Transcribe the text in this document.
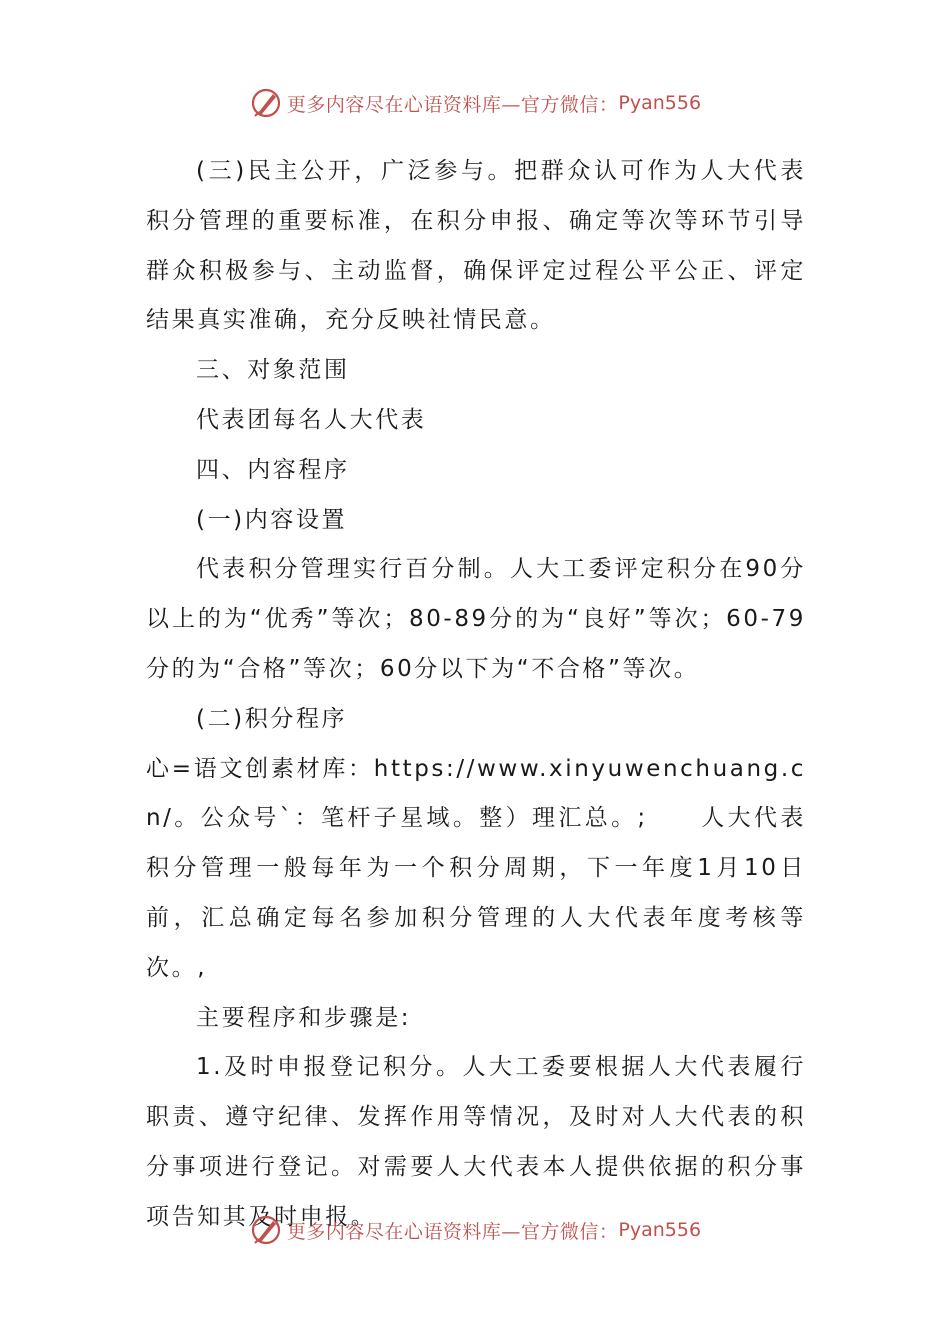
更多内容尽在心语资料库—官方微信： Pyan556

(三)民主公开，广泛参与。把群众认可作为人大代表积分管理的重要标准，在积分申报、确定等次等环节引导群众积极参与、主动监督，确保评定过程公平公正、评定结果真实准确，充分反映社情民意。

三、对象范围

代表团每名人大代表

四、内容程序

(一)内容设置

代表积分管理实行百分制。人大工委评定积分在90分以上的为“优秀”等次；80-89分的为“良好”等次；60-79分的为“合格”等次；60分以下为“不合格”等次。

(二)积分程序

心=语文创素材库：https://www.xinyuwenchuang.cn/。公众号`：笔杆子星域。整）理汇总。;　　人大代表积分管理一般每年为一个积分周期，下一年度1月10日前，汇总确定每名参加积分管理的人大代表年度考核等次。,

主要程序和步骤是:

1.及时申报登记积分。人大工委要根据人大代表履行职责、遵守纪律、发挥作用等情况，及时对人大代表的积分事项进行登记。对需要人大代表本人提供依据的积分事项告知其及时申报。

更多内容尽在心语资料库—官方微信： Pyan556
